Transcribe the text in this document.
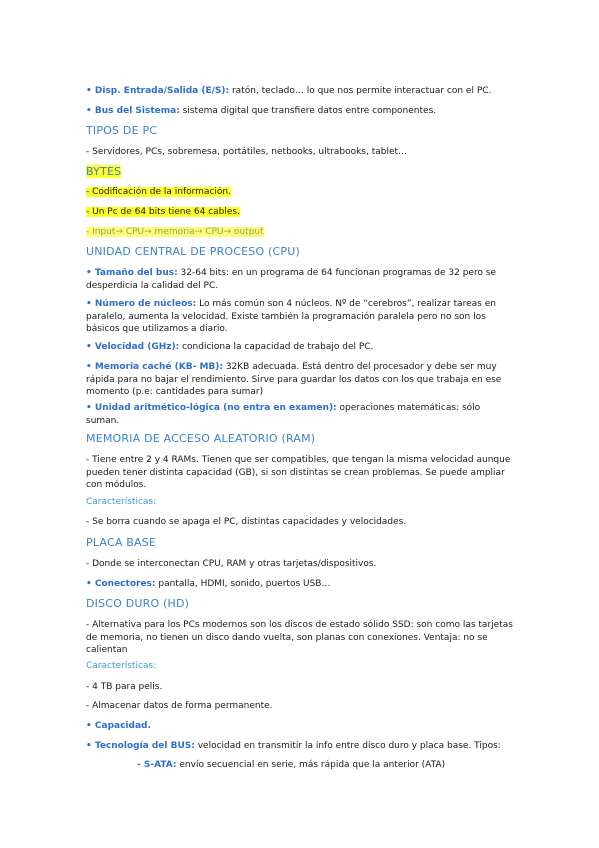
• Disp. Entrada/Salida (E/S): ratón, teclado… lo que nos permite interactuar con el PC.
• Bus del Sistema: sistema digital que transfiere datos entre componentes.
TIPOS DE PC
- Servidores, PCs, sobremesa, portátiles, netbooks, ultrabooks, tablet…
BYTES
- Codificación de la información.
- Un Pc de 64 bits tiene 64 cables.
- Input→ CPU→ memoria→ CPU→ output
UNIDAD CENTRAL DE PROCESO (CPU)
• Tamaño del bus: 32-64 bits: en un programa de 64 funcionan programas de 32 pero se desperdicia la calidad del PC.
• Número de núcleos: Lo más común son 4 núcleos. Nº de “cerebros”, realizar tareas en paralelo, aumenta la velocidad. Existe también la programación paralela pero no son los básicos que utilizamos a diario.
• Velocidad (GHz): condiciona la capacidad de trabajo del PC.
• Memoria caché (KB- MB): 32KB adecuada. Está dentro del procesador y debe ser muy rápida para no bajar el rendimiento. Sirve para guardar los datos con los que trabaja en ese momento (p.e: cantidades para sumar)
• Unidad aritmético-lógica (no entra en examen): operaciones matemáticas: sólo suman.
MEMORIA DE ACCESO ALEATORIO (RAM)
- Tiene entre 2 y 4 RAMs. Tienen que ser compatibles, que tengan la misma velocidad aunque pueden tener distinta capacidad (GB), si son distintas se crean problemas. Se puede ampliar con módulos.
Características:
- Se borra cuando se apaga el PC, distintas capacidades y velocidades.
PLACA BASE
- Donde se interconectan CPU, RAM y otras tarjetas/dispositivos.
• Conectores: pantalla, HDMI, sonido, puertos USB…
DISCO DURO (HD)
- Alternativa para los PCs modernos son los discos de estado sólido SSD: son como las tarjetas de memoria, no tienen un disco dando vuelta, son planas con conexiones. Ventaja: no se calientan
Características:
- 4 TB para pelis.
- Almacenar datos de forma permanente.
• Capacidad.
• Tecnología del BUS: velocidad en transmitir la info entre disco duro y placa base. Tipos:
- S-ATA: envío secuencial en serie, más rápida que la anterior (ATA)
